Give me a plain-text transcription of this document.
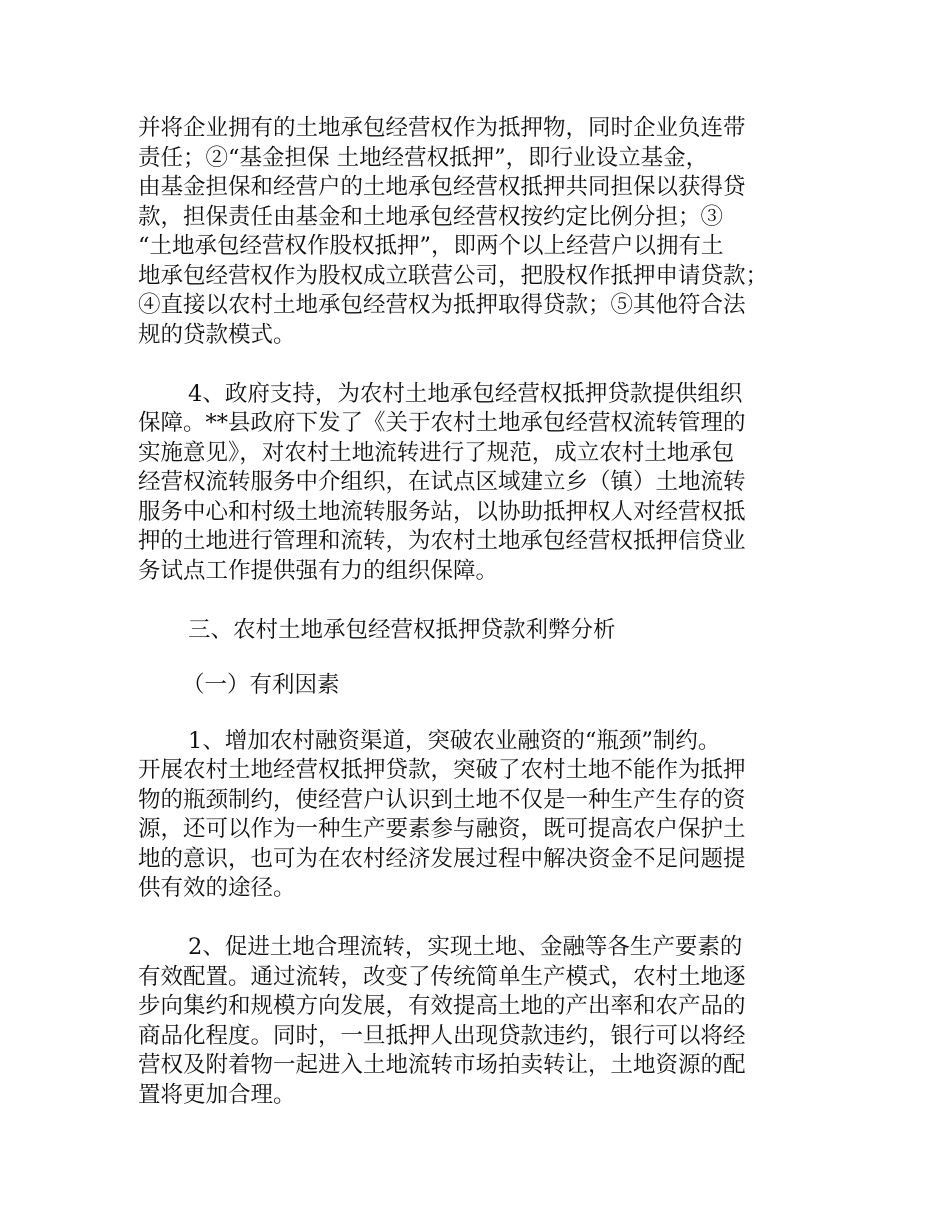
并将企业拥有的土地承包经营权作为抵押物，同时企业负连带
责任；②“基金担保 土地经营权抵押”，即行业设立基金，
由基金担保和经营户的土地承包经营权抵押共同担保以获得贷
款，担保责任由基金和土地承包经营权按约定比例分担；③
“土地承包经营权作股权抵押”，即两个以上经营户以拥有土
地承包经营权作为股权成立联营公司，把股权作抵押申请贷款；
④直接以农村土地承包经营权为抵押取得贷款；⑤其他符合法
规的贷款模式。

4、政府支持，为农村土地承包经营权抵押贷款提供组织
保障。**县政府下发了《关于农村土地承包经营权流转管理的
实施意见》，对农村土地流转进行了规范，成立农村土地承包
经营权流转服务中介组织，在试点区域建立乡（镇）土地流转
服务中心和村级土地流转服务站，以协助抵押权人对经营权抵
押的土地进行管理和流转，为农村土地承包经营权抵押信贷业
务试点工作提供强有力的组织保障。

三、农村土地承包经营权抵押贷款利弊分析

（一）有利因素

1、增加农村融资渠道，突破农业融资的“瓶颈”制约。
开展农村土地经营权抵押贷款，突破了农村土地不能作为抵押
物的瓶颈制约，使经营户认识到土地不仅是一种生产生存的资
源，还可以作为一种生产要素参与融资，既可提高农户保护土
地的意识，也可为在农村经济发展过程中解决资金不足问题提
供有效的途径。

2、促进土地合理流转，实现土地、金融等各生产要素的
有效配置。通过流转，改变了传统简单生产模式，农村土地逐
步向集约和规模方向发展，有效提高土地的产出率和农产品的
商品化程度。同时，一旦抵押人出现贷款违约，银行可以将经
营权及附着物一起进入土地流转市场拍卖转让，土地资源的配
置将更加合理。
